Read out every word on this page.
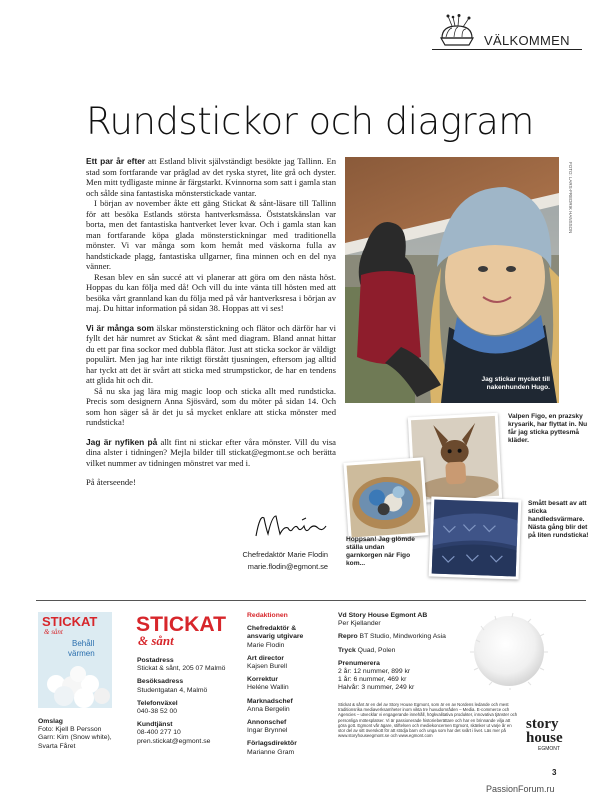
VÄLKOMMEN
Rundstickor och diagram

Ett par år efter att Estland blivit självständigt besökte jag Tallinn. En stad som fortfarande var präglad av det ryska styret, lite grå och dyster. Men mitt tydligaste minne är färgstarkt. Kvinnorna som satt i gamla stan och sålde sina fantastiska mönsterstickade vantar.

I början av november åkte ett gäng Stickat & sånt-läsare till Tallinn för att besöka Estlands största hantverksmässa. Öststatskänslan var borta, men det fantastiska hantverket lever kvar. Och i gamla stan kan man fortfarande köpa glada mönsterstickningar med traditionella mönster. Vi var många som kom hemåt med väskorna fulla av handstickade plagg, fantastiska ullgarner, fina minnen och en del nya vänner.

Resan blev en sån succé att vi planerar att göra om den nästa höst. Hoppas du kan följa med då! Och vill du inte vänta till hösten med att besöka vårt grannland kan du följa med på vår hantverksresa i början av maj. Du hittar information på sidan 38. Hoppas att vi ses!

Vi är många som älskar mönsterstickning och flätor och därför har vi fyllt det här numret av Stickat & sånt med diagram. Bland annat hittar du ett par fina sockor med dubbla flätor. Just att sticka sockor är väldigt populärt. Men jag har inte riktigt förstått tjusningen, eftersom jag alltid har tyckt att det är svårt att sticka med strumpstickor, de har en tendens att glida hit och dit.

Så nu ska jag lära mig magic loop och sticka allt med rundsticka. Precis som designern Anna Sjösvärd, som du möter på sidan 14. Och som hon säger så är det ju så mycket enklare att sticka mönster med rundsticka!

Jag är nyfiken på allt fint ni stickar efter våra mönster. Vill du visa dina alster i tidningen? Mejla bilder till stickat@egmont.se och berätta vilket nummer av tidningen mönstret var med i.

På återseende!

Chefredaktör Marie Flodin
marie.flodin@egmont.se
FOTO: LARS-FREDRIK HANSSON
Jag stickar mycket till nakenhunden Hugo.
Valpen Figo, en prazsky krysarik, har flyttat in. Nu får jag sticka pyttesmå kläder.
Hoppsan! Jag glömde ställa undan garnkorgen när Figo kom...
Smått besatt av att sticka handledsvärmare. Nästa gång blir det på liten rundsticka!
STICKAT
& sånt
Behåll
värmen
Omslag
Foto: Kjell B Persson
Garn: Kim (Snow white),
Svarta Fåret
STICKAT
& sånt
Postadress
Stickat & sånt, 205 07 Malmö
Besöksadress
Studentgatan 4, Malmö
Telefonväxel
040-38 52 00
Kundtjänst
08-400 277 10
pren.stickat@egmont.se
Redaktionen
Chefredaktör &
ansvarig utgivare
Marie Flodin
Art director
Kajsen Burell
Korrektur
Heléne Wallin
Marknadschef
Anna Bergelin
Annonschef
Ingar Brynnel
Förlagsdirektör
Marianne Gram
Vd Story House Egmont AB
Per Kjellander
Repro BT Studio, Mindworking Asia
Tryck Quad, Polen
Prenumerera
2 år: 12 nummer, 899 kr
1 år: 6 nummer, 469 kr
Halvår: 3 nummer, 249 kr
Stickat & sånt är en del av Story House Egmont, som är en av Nordens ledande och mest traditionsrika mediaverksamheter inom vikta tre huvudområden – Media. E-commerce och Agencies – utvecklar vi engagerande innehåll, högkvalitativa produkter, innovativa tjänster och personliga mötesplatser. Vi är passionerade historieberättare och har en brinnande vilja att göra gott. Egmont vår ägare, stiftelsen och mediekoncernen Egmont, skänker ut varje år en stor del av sitt överskott för att stödja barn och unga som har det svårt i livet. Läs mer på www.storyhouseegmont.se och www.egmont.com
story
house
EGMONT
3
PassionForum.ru
